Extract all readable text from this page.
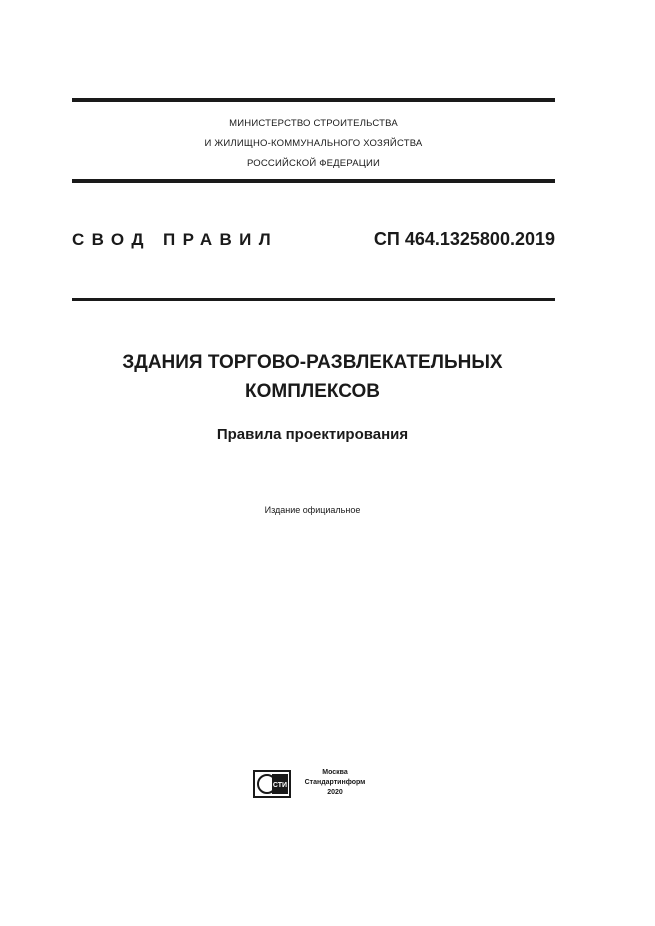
МИНИСТЕРСТВО СТРОИТЕЛЬСТВА
И ЖИЛИЩНО-КОММУНАЛЬНОГО ХОЗЯЙСТВА
РОССИЙСКОЙ ФЕДЕРАЦИИ
СВОД ПРАВИЛ	СП 464.1325800.2019
ЗДАНИЯ ТОРГОВО-РАЗВЛЕКАТЕЛЬНЫХ
КОМПЛЕКСОВ
Правила проектирования
Издание официальное
СТИ
Москва
Стандартинформ
2020
